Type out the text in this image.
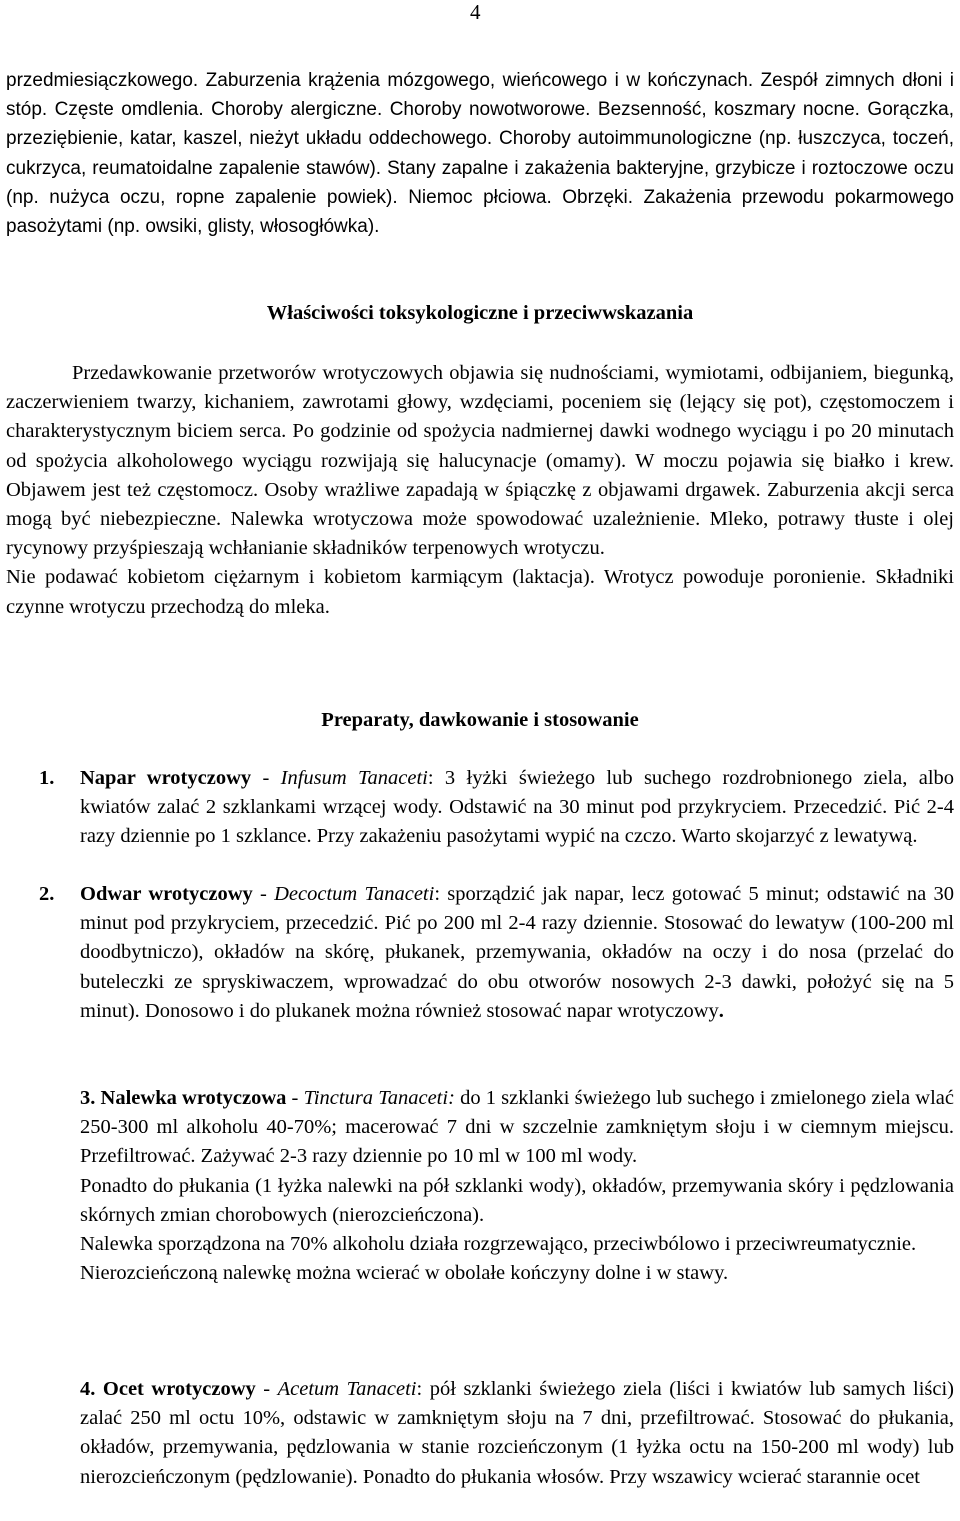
4
przedmiesiączkowego. Zaburzenia krążenia mózgowego, wieńcowego i w kończynach. Zespół zimnych dłoni i stóp. Częste omdlenia. Choroby alergiczne. Choroby nowotworowe. Bezsenność, koszmary nocne. Gorączka, przeziębienie, katar, kaszel, nieżyt układu oddechowego. Choroby autoimmunologiczne (np. łuszczyca, toczeń, cukrzyca, reumatoidalne zapalenie stawów). Stany zapalne i zakażenia bakteryjne, grzybicze i roztoczowe oczu (np. nużyca oczu, ropne zapalenie powiek). Niemoc płciowa. Obrzęki. Zakażenia przewodu pokarmowego pasożytami (np. owsiki, glisty, włosogłówka).
Właściwości toksykologiczne i przeciwwskazania

Przedawkowanie przetworów wrotyczowych objawia się nudnościami, wymiotami, odbijaniem, biegunką, zaczerwieniem twarzy, kichaniem, zawrotami głowy, wzdęciami, poceniem się (lejący się pot), częstomoczem i charakterystycznym biciem serca. Po godzinie od spożycia nadmiernej dawki wodnego wyciągu i po 20 minutach od spożycia alkoholowego wyciągu rozwijają się halucynacje (omamy). W moczu pojawia się białko i krew. Objawem jest też częstomocz. Osoby wrażliwe zapadają w śpiączkę z objawami drgawek. Zaburzenia akcji serca mogą być niebezpieczne. Nalewka wrotyczowa może spowodować uzależnienie. Mleko, potrawy tłuste i olej rycynowy przyśpieszają wchłanianie składników terpenowych wrotyczu.

Nie podawać kobietom ciężarnym i kobietom karmiącym (laktacja). Wrotycz powoduje poronienie. Składniki czynne wrotyczu przechodzą do mleka.

Preparaty, dawkowanie i stosowanie
1. Napar wrotyczowy - Infusum Tanaceti: 3 łyżki świeżego lub suchego rozdrobnionego ziela, albo kwiatów zalać 2 szklankami wrzącej wody. Odstawić na 30 minut pod przykryciem. Przecedzić. Pić 2-4 razy dziennie po 1 szklance. Przy zakażeniu pasożytami wypić na czczo. Warto skojarzyć z lewatywą.
2. Odwar wrotyczowy - Decoctum Tanaceti: sporządzić jak napar, lecz gotować 5 minut; odstawić na 30 minut pod przykryciem, przecedzić. Pić po 200 ml 2-4 razy dziennie. Stosować do lewatyw (100-200 ml doodbytniczo), okładów na skórę, płukanek, przemywania, okładów na oczy i do nosa (przelać do buteleczki ze spryskiwaczem, wprowadzać do obu otworów nosowych 2-3 dawki, położyć się na 5 minut). Donosowo i do plukanek można również stosować napar wrotyczowy.

3. Nalewka wrotyczowa - Tinctura Tanaceti: do 1 szklanki świeżego lub suchego i zmielonego ziela wlać 250-300 ml alkoholu 40-70%; macerować 7 dni w szczelnie zamkniętym słoju i w ciemnym miejscu. Przefiltrować. Zażywać 2-3 razy dziennie po 10 ml w 100 ml wody.

Ponadto do płukania (1 łyżka nalewki na pół szklanki wody), okładów, przemywania skóry i pędzlowania skórnych zmian chorobowych (nierozcieńczona).

Nalewka sporządzona na 70% alkoholu działa rozgrzewająco, przeciwbólowo i przeciwreumatycznie.

Nierozcieńczoną nalewkę można wcierać w obolałe kończyny dolne i w stawy.

4. Ocet wrotyczowy - Acetum Tanaceti: pół szklanki świeżego ziela (liści i kwiatów lub samych liści) zalać 250 ml octu 10%, odstawic w zamkniętym słoju na 7 dni, przefiltrować. Stosować do płukania, okładów, przemywania, pędzlowania w stanie rozcieńczonym (1 łyżka octu na 150-200 ml wody) lub nierozcieńczonym (pędzlowanie). Ponadto do płukania włosów. Przy wszawicy wcierać starannie ocet
